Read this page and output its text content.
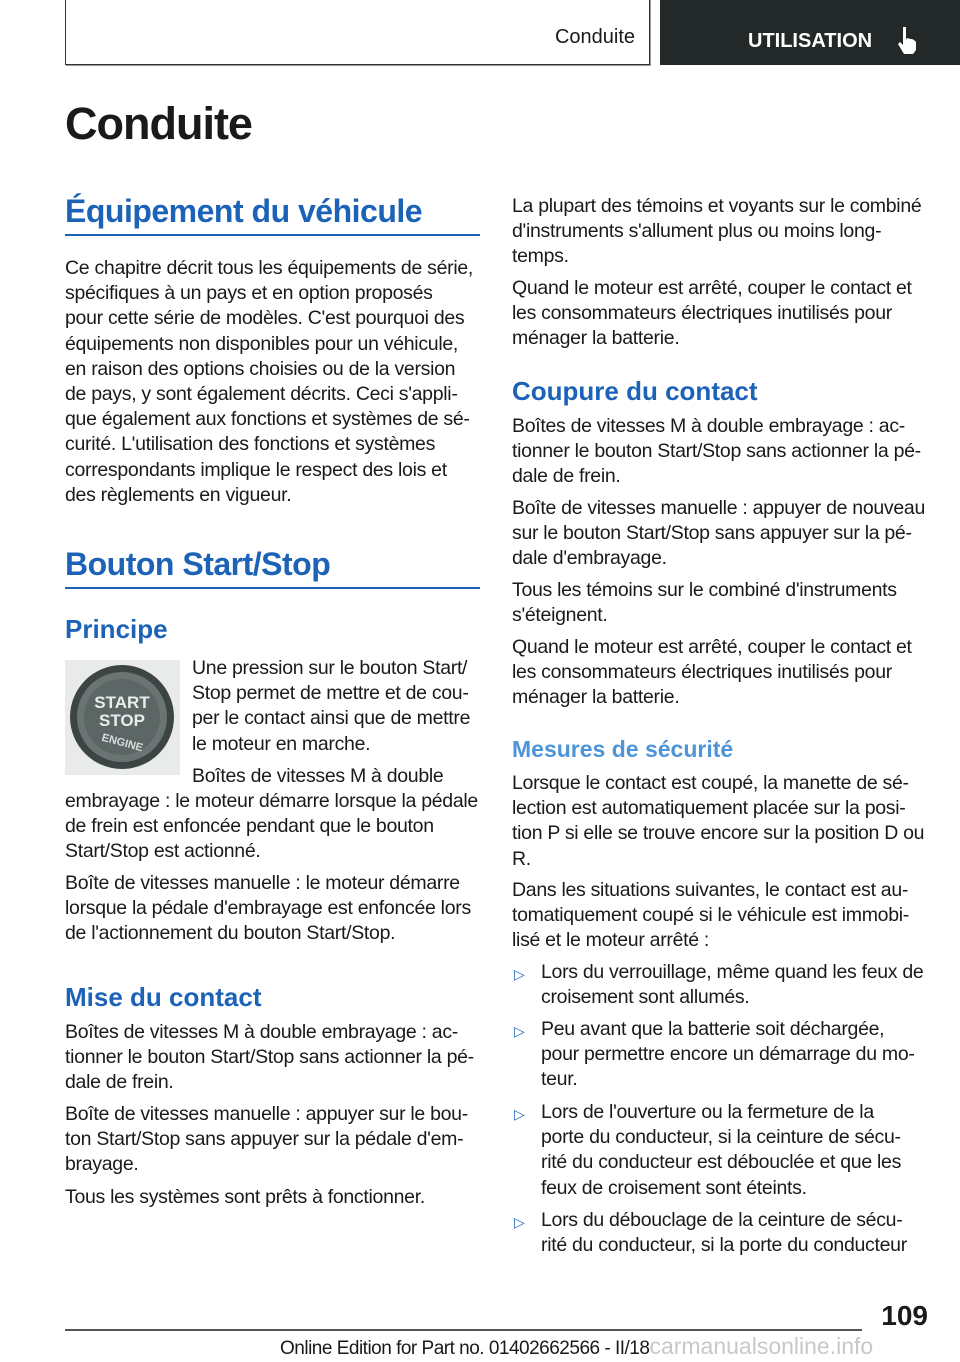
Conduite	UTILISATION
Conduite
Équipement du véhicule
Ce chapitre décrit tous les équipements de série,
spécifiques à un pays et en option proposés
pour cette série de modèles. C'est pourquoi des
équipements non disponibles pour un véhicule,
en raison des options choisies ou de la version
de pays, y sont également décrits. Ceci s'appli-
que également aux fonctions et systèmes de sé-
curité. L'utilisation des fonctions et systèmes
correspondants implique le respect des lois et
des règlements en vigueur.
Bouton Start/Stop
Principe
START
STOP
ENGINE
Une pression sur le bouton Start/
Stop permet de mettre et de cou-
per le contact ainsi que de mettre
le moteur en marche.
Boîtes de vitesses M à double
embrayage : le moteur démarre lorsque la pédale
de frein est enfoncée pendant que le bouton
Start/Stop est actionné.
Boîte de vitesses manuelle : le moteur démarre
lorsque la pédale d'embrayage est enfoncée lors
de l'actionnement du bouton Start/Stop.
Mise du contact
Boîtes de vitesses M à double embrayage : ac-
tionner le bouton Start/Stop sans actionner la pé-
dale de frein.
Boîte de vitesses manuelle : appuyer sur le bou-
ton Start/Stop sans appuyer sur la pédale d'em-
brayage.
Tous les systèmes sont prêts à fonctionner.
La plupart des témoins et voyants sur le combiné
d'instruments s'allument plus ou moins long-
temps.
Quand le moteur est arrêté, couper le contact et
les consommateurs électriques inutilisés pour
ménager la batterie.
Coupure du contact
Boîtes de vitesses M à double embrayage : ac-
tionner le bouton Start/Stop sans actionner la pé-
dale de frein.
Boîte de vitesses manuelle : appuyer de nouveau
sur le bouton Start/Stop sans appuyer sur la pé-
dale d'embrayage.
Tous les témoins sur le combiné d'instruments
s'éteignent.
Quand le moteur est arrêté, couper le contact et
les consommateurs électriques inutilisés pour
ménager la batterie.
Mesures de sécurité
Lorsque le contact est coupé, la manette de sé-
lection est automatiquement placée sur la posi-
tion P si elle se trouve encore sur la position D ou
R.
Dans les situations suivantes, le contact est au-
tomatiquement coupé si le véhicule est immobi-
lisé et le moteur arrêté :
▷ Lors du verrouillage, même quand les feux de
croisement sont allumés.
▷ Peu avant que la batterie soit déchargée,
pour permettre encore un démarrage du mo-
teur.
▷ Lors de l'ouverture ou la fermeture de la
porte du conducteur, si la ceinture de sécu-
rité du conducteur est débouclée et que les
feux de croisement sont éteints.
▷ Lors du débouclage de la ceinture de sécu-
rité du conducteur, si la porte du conducteur
109
Online Edition for Part no. 01402662566 - II/18carmanualsonline.info
